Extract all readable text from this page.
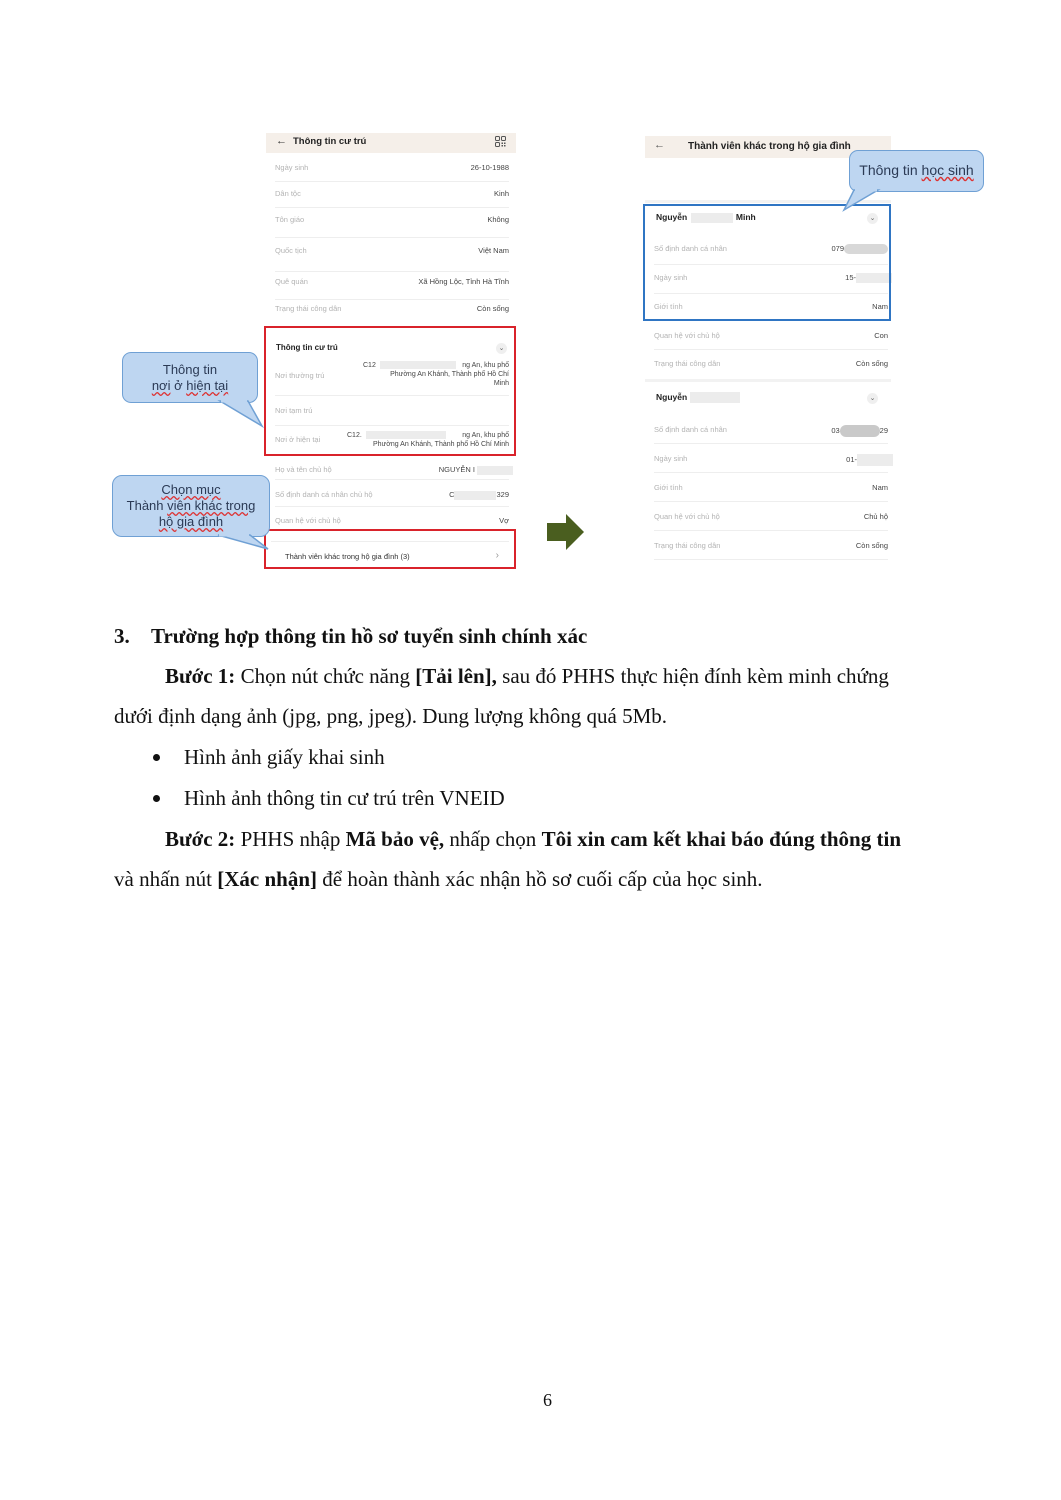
← Thông tin cư trú
Ngày sinh	26-10-1988
Dân tộc	Kinh
Tôn giáo	Không
Quốc tịch	Việt Nam
Quê quán	Xã Hồng Lộc, Tỉnh Hà Tĩnh
Trạng thái công dân	Còn sống
Thông tin cư trú	⌄
Nơi thường trú
C12	ng An, khu phố
Phường An Khánh, Thành phố Hồ Chí
Minh
Nơi tạm trú
Nơi ở hiện tại	C12.	ng An, khu phố
Phường An Khánh, Thành phố Hồ Chí Minh
Họ và tên chủ hộ	NGUYỄN I
Số định danh cá nhân chủ hộ	C	329
Quan hệ với chủ hộ	Vợ
Thành viên khác trong hộ gia đình (3)	›
Thông tin
nơi ở hiện tại
Chọn mục
Thành viên khác trong
hộ gia đình
← Thành viên khác trong hộ gia đình
Nguyễn	Minh	⌄
Số định danh cá nhân	079
Ngày sinh	15-
Giới tính	Nam
Quan hệ với chủ hộ	Con
Trạng thái công dân	Còn sống
Nguyễn	⌄
Số định danh cá nhân	03	29
Ngày sinh	01-
Giới tính	Nam
Quan hệ với chủ hộ	Chủ hộ
Trạng thái công dân	Còn sống
Thông tin học sinh
3. Trường hợp thông tin hồ sơ tuyển sinh chính xác
Bước 1: Chọn nút chức năng [Tải lên], sau đó PHHS thực hiện đính kèm minh chứng
dưới định dạng ảnh (jpg, png, jpeg). Dung lượng không quá 5Mb.
Hình ảnh giấy khai sinh
Hình ảnh thông tin cư trú trên VNEID
Bước 2: PHHS nhập Mã bảo vệ, nhấp chọn Tôi xin cam kết khai báo đúng thông tin
và nhấn nút [Xác nhận] để hoàn thành xác nhận hồ sơ cuối cấp của học sinh.
6
